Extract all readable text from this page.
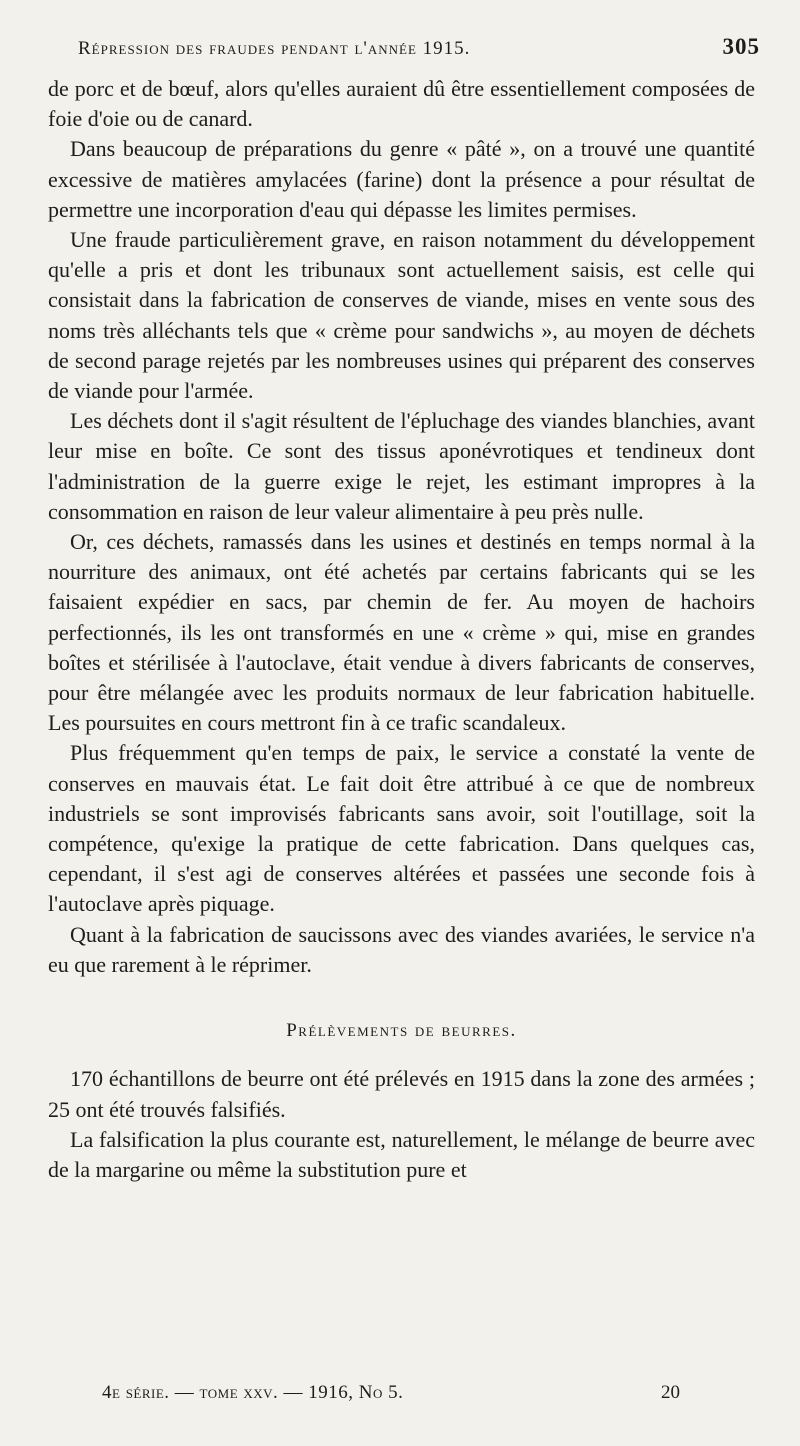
Répression des fraudes pendant l'année 1915.	305

de porc et de bœuf, alors qu'elles auraient dû être essentiellement composées de foie d'oie ou de canard.

Dans beaucoup de préparations du genre « pâté », on a trouvé une quantité excessive de matières amylacées (farine) dont la présence a pour résultat de permettre une incorporation d'eau qui dépasse les limites permises.

Une fraude particulièrement grave, en raison notamment du développement qu'elle a pris et dont les tribunaux sont actuellement saisis, est celle qui consistait dans la fabrication de conserves de viande, mises en vente sous des noms très alléchants tels que « crème pour sandwichs », au moyen de déchets de second parage rejetés par les nombreuses usines qui préparent des conserves de viande pour l'armée.

Les déchets dont il s'agit résultent de l'épluchage des viandes blanchies, avant leur mise en boîte. Ce sont des tissus aponévrotiques et tendineux dont l'administration de la guerre exige le rejet, les estimant impropres à la consommation en raison de leur valeur alimentaire à peu près nulle.

Or, ces déchets, ramassés dans les usines et destinés en temps normal à la nourriture des animaux, ont été achetés par certains fabricants qui se les faisaient expédier en sacs, par chemin de fer. Au moyen de hachoirs perfectionnés, ils les ont transformés en une « crème » qui, mise en grandes boîtes et stérilisée à l'autoclave, était vendue à divers fabricants de conserves, pour être mélangée avec les produits normaux de leur fabrication habituelle. Les poursuites en cours mettront fin à ce trafic scandaleux.

Plus fréquemment qu'en temps de paix, le service a constaté la vente de conserves en mauvais état. Le fait doit être attribué à ce que de nombreux industriels se sont improvisés fabricants sans avoir, soit l'outillage, soit la compétence, qu'exige la pratique de cette fabrication. Dans quelques cas, cependant, il s'est agi de conserves altérées et passées une seconde fois à l'autoclave après piquage.

Quant à la fabrication de saucissons avec des viandes avariées, le service n'a eu que rarement à le réprimer.

Prélèvements de beurres.

170 échantillons de beurre ont été prélevés en 1915 dans la zone des armées ; 25 ont été trouvés falsifiés.

La falsification la plus courante est, naturellement, le mélange de beurre avec de la margarine ou même la substitution pure et

4e série. — tome xxv. — 1916, No 5.	20
